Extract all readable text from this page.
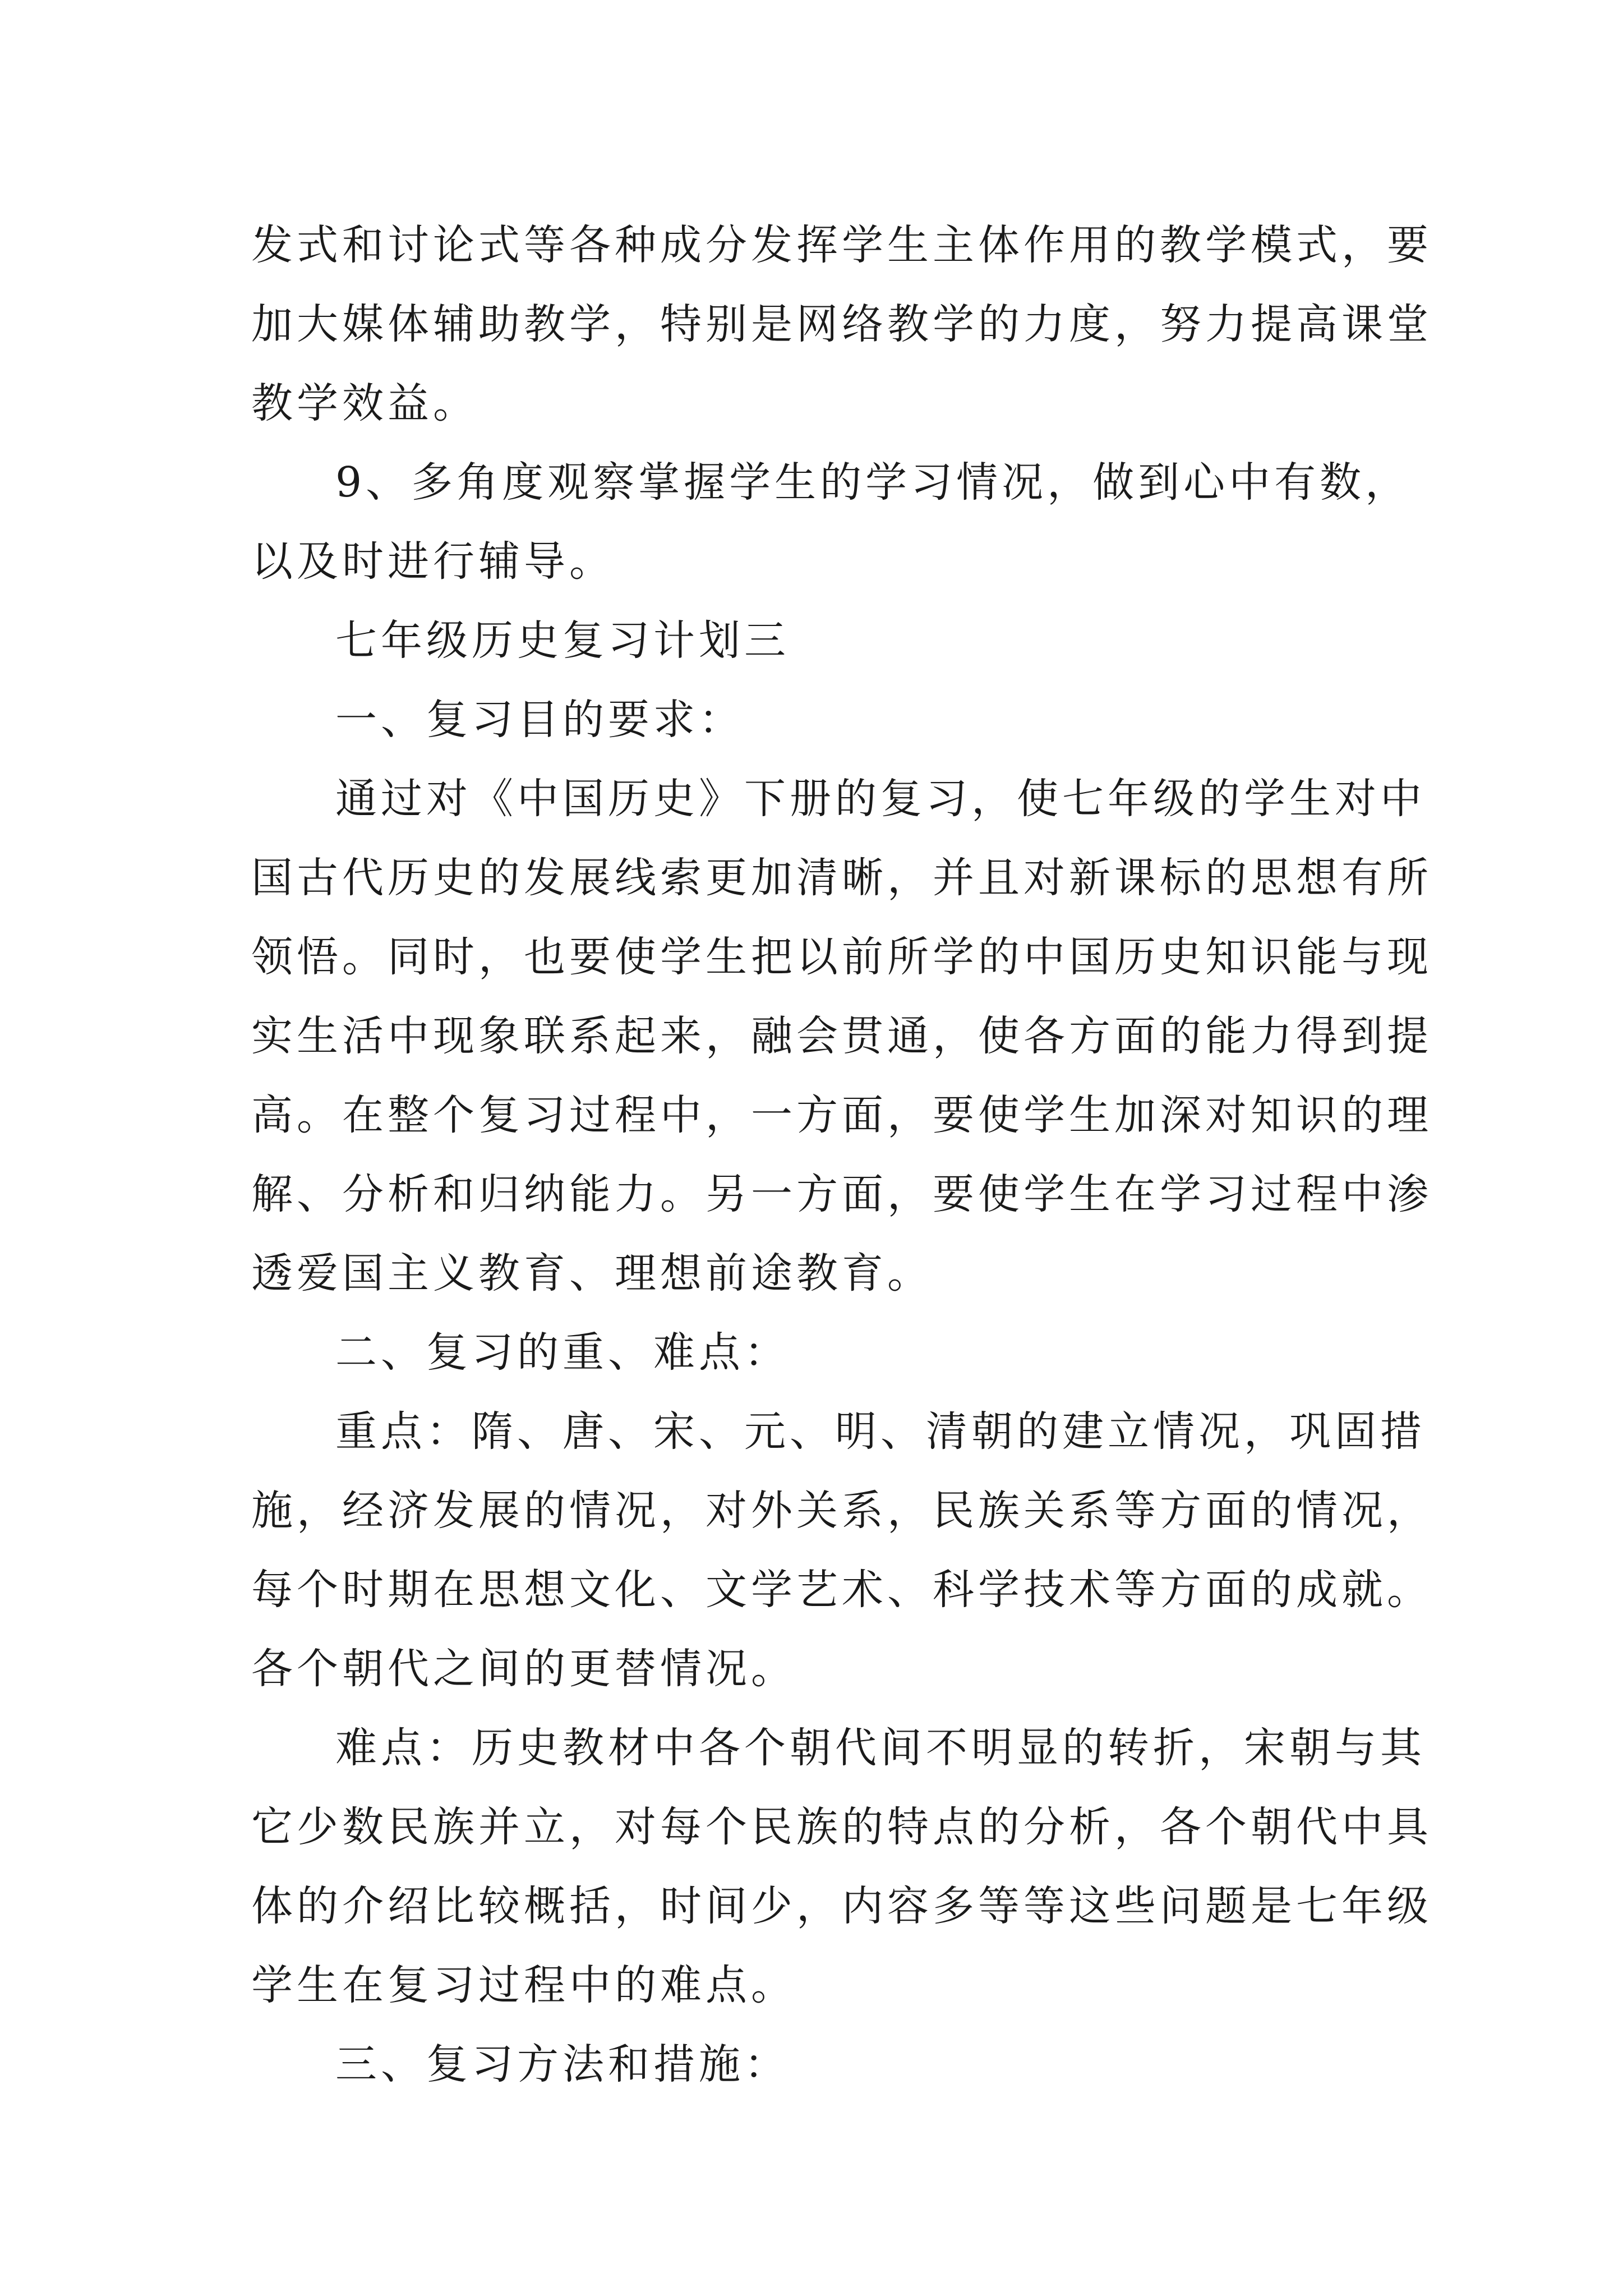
发式和讨论式等各种成分发挥学生主体作用的教学模式，要
加大媒体辅助教学，特别是网络教学的力度，努力提高课堂
教学效益。
9、多角度观察掌握学生的学习情况，做到心中有数，
以及时进行辅导。
七年级历史复习计划三
一、复习目的要求：
通过对《中国历史》下册的复习，使七年级的学生对中
国古代历史的发展线索更加清晰，并且对新课标的思想有所
领悟。同时，也要使学生把以前所学的中国历史知识能与现
实生活中现象联系起来，融会贯通，使各方面的能力得到提
高。在整个复习过程中，一方面，要使学生加深对知识的理
解、分析和归纳能力。另一方面，要使学生在学习过程中渗
透爱国主义教育、理想前途教育。
二、复习的重、难点：
重点：隋、唐、宋、元、明、清朝的建立情况，巩固措
施，经济发展的情况，对外关系，民族关系等方面的情况，
每个时期在思想文化、文学艺术、科学技术等方面的成就。
各个朝代之间的更替情况。
难点：历史教材中各个朝代间不明显的转折，宋朝与其
它少数民族并立，对每个民族的特点的分析，各个朝代中具
体的介绍比较概括，时间少，内容多等等这些问题是七年级
学生在复习过程中的难点。
三、复习方法和措施：
